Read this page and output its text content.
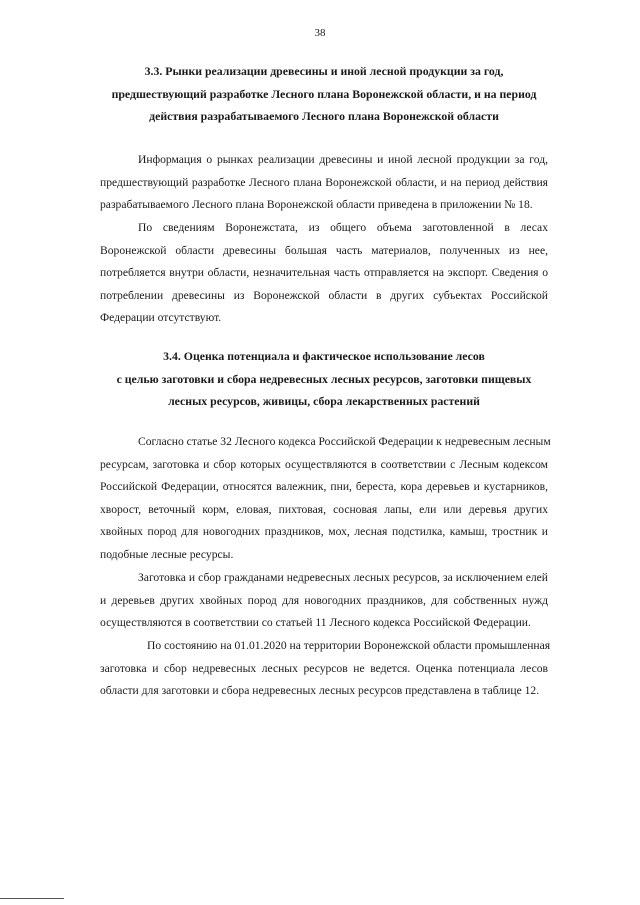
38
3.3. Рынки реализации древесины и иной лесной продукции за год,
предшествующий разработке Лесного плана Воронежской области, и на период
действия разрабатываемого Лесного плана Воронежской области
Информация о рынках реализации древесины и иной лесной продукции за год,
предшествующий разработке Лесного плана Воронежской области, и на период действия
разрабатываемого Лесного плана Воронежской области приведена в приложении № 18.
По сведениям Воронежстата, из общего объема заготовленной в лесах
Воронежской области древесины большая часть материалов, полученных из нее,
потребляется внутри области, незначительная часть отправляется на экспорт. Сведения о
потреблении древесины из Воронежской области в других субъектах Российской
Федерации отсутствуют.
3.4. Оценка потенциала и фактическое использование лесов
с целью заготовки и сбора недревесных лесных ресурсов, заготовки пищевых
лесных ресурсов, живицы, сбора лекарственных растений
Согласно статье 32 Лесного кодекса Российской Федерации к недревесным лесным
ресурсам, заготовка и сбор которых осуществляются в соответствии с Лесным кодексом
Российской Федерации, относятся валежник, пни, береста, кора деревьев и кустарников,
хворост, веточный корм, еловая, пихтовая, сосновая лапы, ели или деревья других
хвойных пород для новогодних праздников, мох, лесная подстилка, камыш, тростник и
подобные лесные ресурсы.
Заготовка и сбор гражданами недревесных лесных ресурсов, за исключением елей
и деревьев других хвойных пород для новогодних праздников, для собственных нужд
осуществляются в соответствии со статьей 11 Лесного кодекса Российской Федерации.
По состоянию на 01.01.2020 на территории Воронежской области промышленная
заготовка и сбор недревесных лесных ресурсов не ведется. Оценка потенциала лесов
области для заготовки и сбора недревесных лесных ресурсов представлена в таблице 12.
